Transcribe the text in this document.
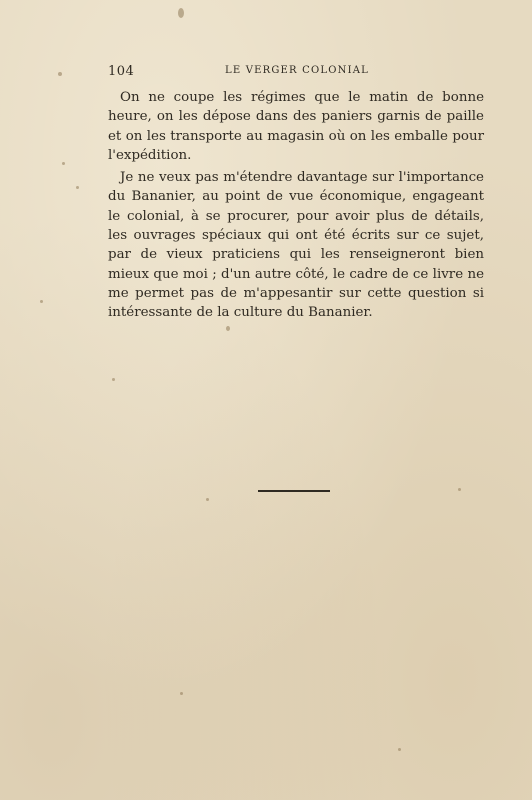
104	LE VERGER COLONIAL

On ne coupe les régimes que le matin de bonne heure, on les dépose dans des paniers garnis de paille et on les transporte au magasin où on les emballe pour l'expédition.

Je ne veux pas m'étendre davantage sur l'importance du Bananier, au point de vue économique, engageant le colonial, à se procurer, pour avoir plus de détails, les ouvrages spéciaux qui ont été écrits sur ce sujet, par de vieux praticiens qui les renseigneront bien mieux que moi ; d'un autre côté, le cadre de ce livre ne me permet pas de m'appesantir sur cette question si intéressante de la culture du Bananier.
